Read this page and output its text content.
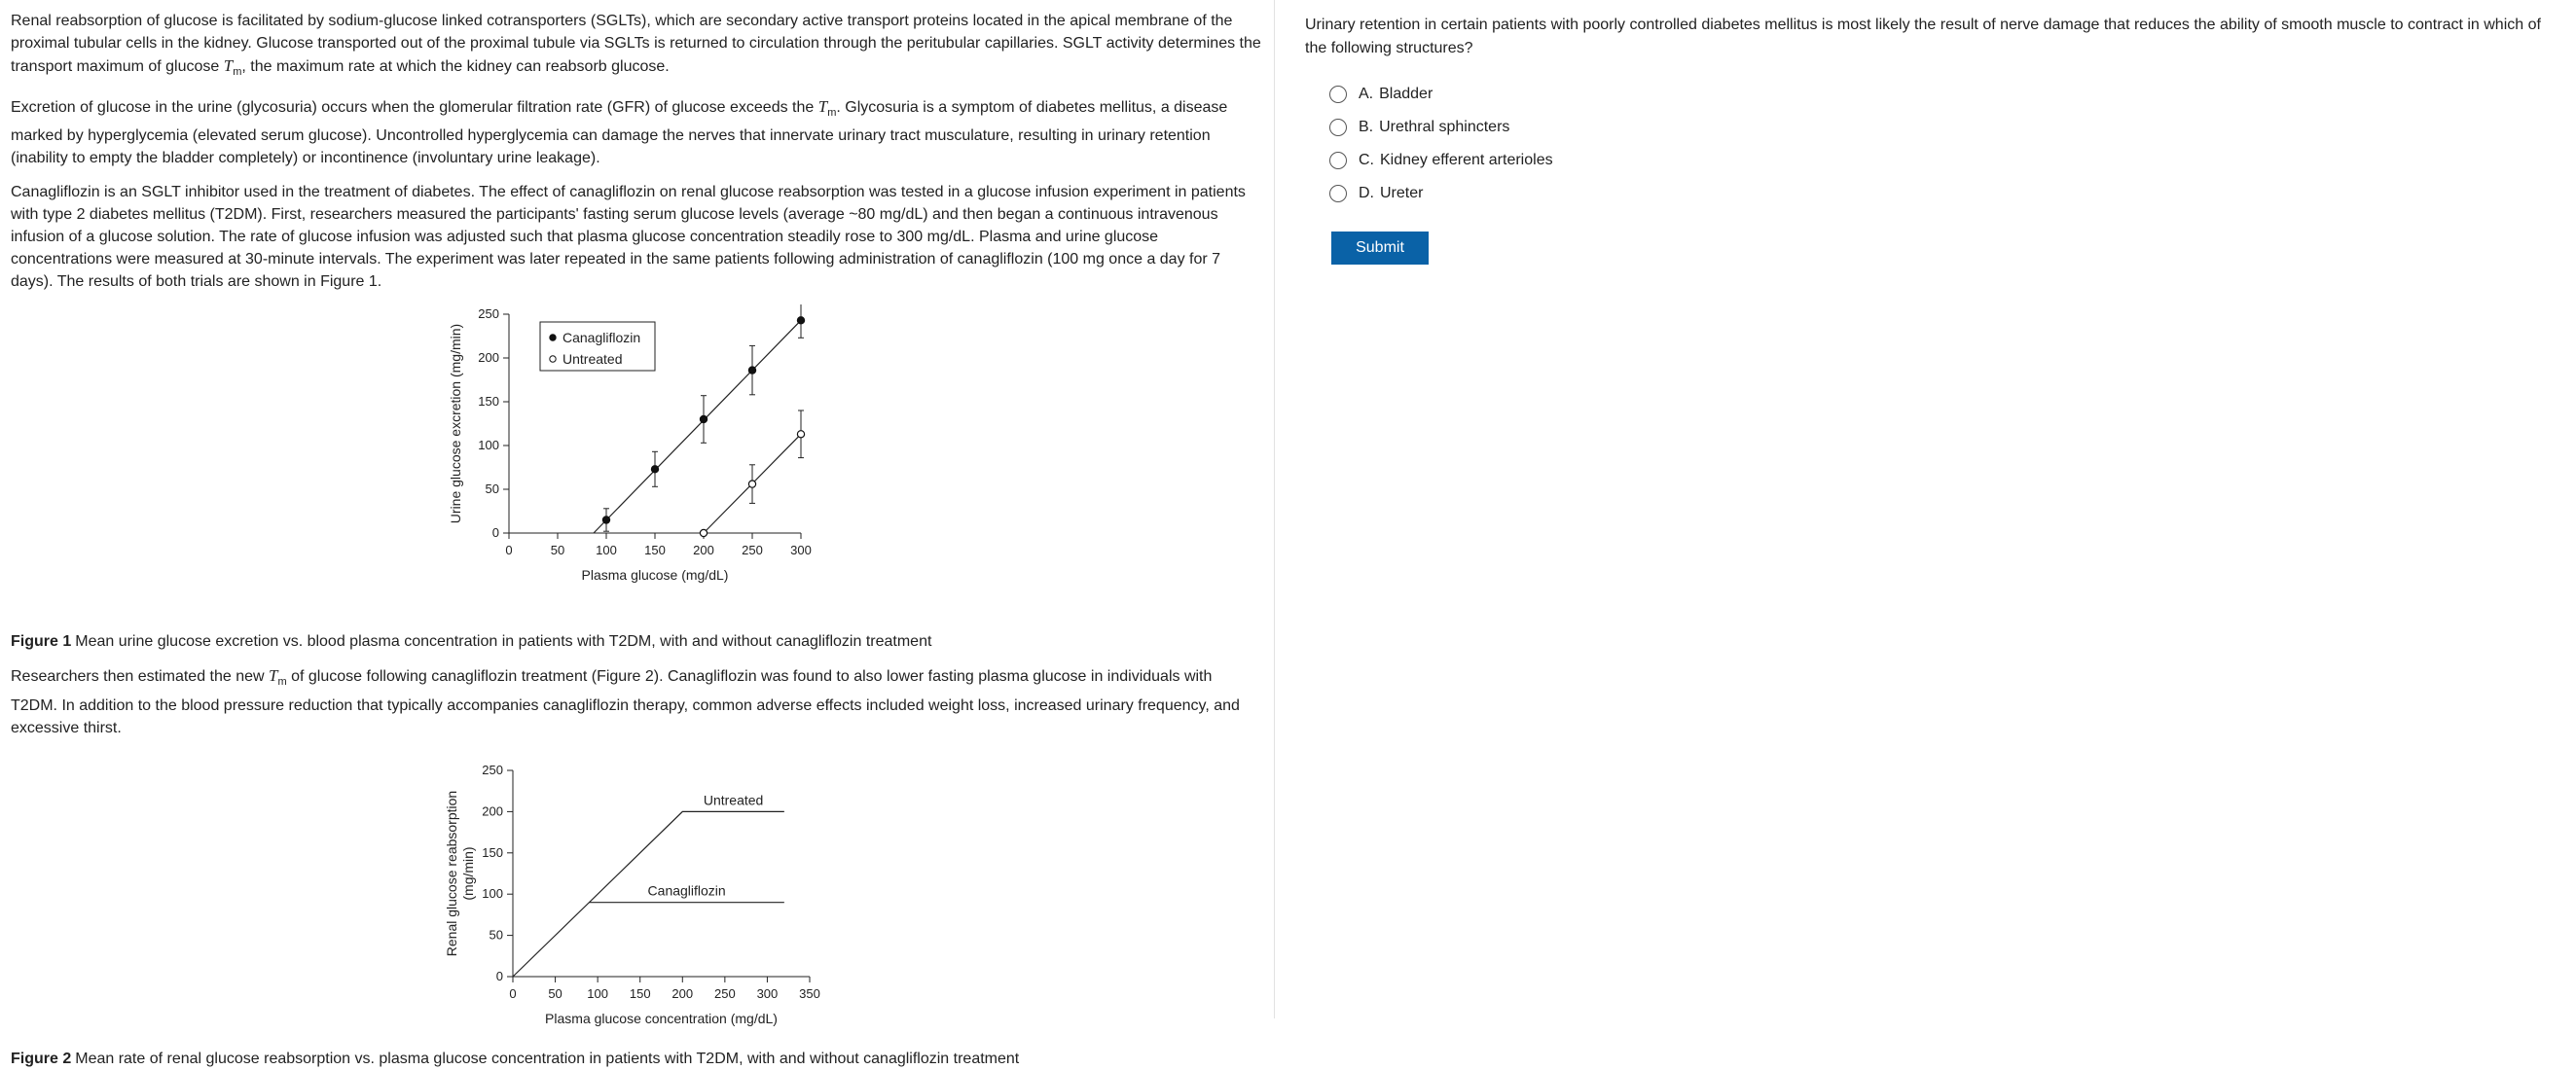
Renal reabsorption of glucose is facilitated by sodium-glucose linked cotransporters (SGLTs), which are secondary active transport proteins located in the apical membrane of the proximal tubular cells in the kidney. Glucose transported out of the proximal tubule via SGLTs is returned to circulation through the peritubular capillaries. SGLT activity determines the transport maximum of glucose $T_m$, the maximum rate at which the kidney can reabsorb glucose.

Excretion of glucose in the urine (glycosuria) occurs when the glomerular filtration rate (GFR) of glucose exceeds the $T_m$. Glycosuria is a symptom of diabetes mellitus, a disease marked by hyperglycemia (elevated serum glucose). Uncontrolled hyperglycemia can damage the nerves that innervate urinary tract musculature, resulting in urinary retention (inability to empty the bladder completely) or incontinence (involuntary urine leakage).

Canagliflozin is an SGLT inhibitor used in the treatment of diabetes. The effect of canagliflozin on renal glucose reabsorption was tested in a glucose infusion experiment in patients with type 2 diabetes mellitus (T2DM). First, researchers measured the participants' fasting serum glucose levels (average ~80 mg/dL) and then began a continuous intravenous infusion of a glucose solution. The rate of glucose infusion was adjusted such that plasma glucose concentration steadily rose to 300 mg/dL. Plasma and urine glucose concentrations were measured at 30-minute intervals. The experiment was later repeated in the same patients following administration of canagliflozin (100 mg once a day for 7 days). The results of both trials are shown in Figure 1.

0	50 100 150 200 250 300
0
50
100
150
200
250
Plasma glucose (mg/dL)
Urine glucose excretion (mg/min)	Canagliflozin
Untreated
Figure 1 Mean urine glucose excretion vs. blood plasma concentration in patients with T2DM, with and without canagliflozin treatment

Researchers then estimated the new $T_m$ of glucose following canagliflozin treatment (Figure 2). Canagliflozin was found to also lower fasting plasma glucose in individuals with T2DM. In addition to the blood pressure reduction that typically accompanies canagliflozin therapy, common adverse effects included weight loss, increased urinary frequency, and excessive thirst.

0	50 100 150 200 250 300 350
0
50
100
150
200
250
Plasma glucose concentration (mg/dL)
Renal glucose reabsorption (mg/min)
Untreated
Canagliflozin
Figure 2 Mean rate of renal glucose reabsorption vs. plasma glucose concentration in patients with T2DM, with and without canagliflozin treatment
Urinary retention in certain patients with poorly controlled diabetes mellitus is most likely the result of nerve damage that reduces the ability of smooth muscle to contract in which of the following structures?
A. Bladder
B. Urethral sphincters
C. Kidney efferent arterioles
D. Ureter
Submit
